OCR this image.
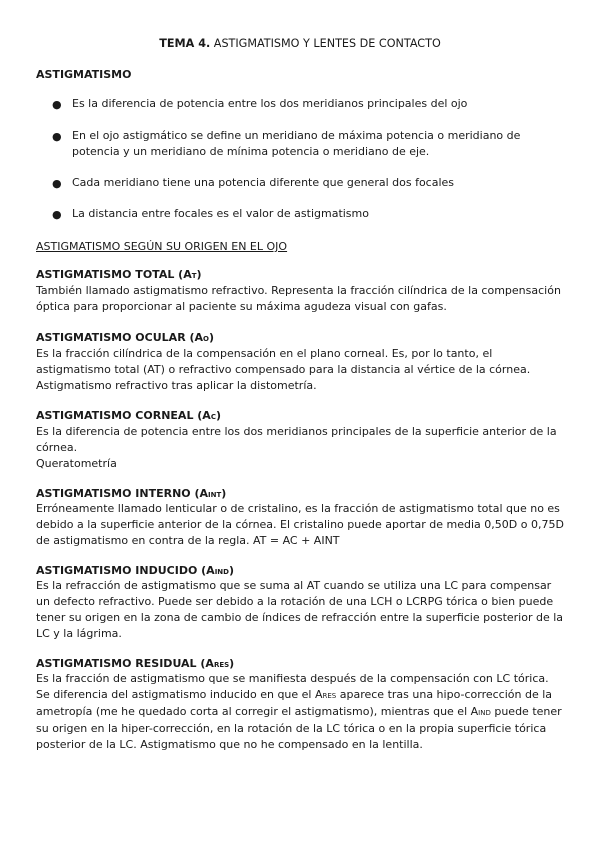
TEMA 4. ASTIGMATISMO Y LENTES DE CONTACTO
ASTIGMATISMO
● Es la diferencia de potencia entre los dos meridianos principales del ojo
● En el ojo astigmático se define un meridiano de máxima potencia o meridiano de potencia y un meridiano de mínima potencia o meridiano de eje.
● Cada meridiano tiene una potencia diferente que general dos focales
● La distancia entre focales es el valor de astigmatismo
ASTIGMATISMO SEGÚN SU ORIGEN EN EL OJO
ASTIGMATISMO TOTAL (AT)
También llamado astigmatismo refractivo. Representa la fracción cilíndrica de la compensación óptica para proporcionar al paciente su máxima agudeza visual con gafas.
ASTIGMATISMO OCULAR (AO)
Es la fracción cilíndrica de la compensación en el plano corneal. Es, por lo tanto, el
astigmatismo total (AT) o refractivo compensado para la distancia al vértice de la córnea.
Astigmatismo refractivo tras aplicar la distometría.
ASTIGMATISMO CORNEAL (AC)
Es la diferencia de potencia entre los dos meridianos principales de la superficie anterior de la
córnea.
Queratometría
ASTIGMATISMO INTERNO (AINT)
Erróneamente llamado lenticular o de cristalino, es la fracción de astigmatismo total que no es
debido a la superficie anterior de la córnea. El cristalino puede aportar de media 0,50D o 0,75D
de astigmatismo en contra de la regla. AT = AC + AINT
ASTIGMATISMO INDUCIDO (AIND)
Es la refracción de astigmatismo que se suma al AT cuando se utiliza una LC para compensar
un defecto refractivo. Puede ser debido a la rotación de una LCH o LCRPG tórica o bien puede
tener su origen en la zona de cambio de índices de refracción entre la superficie posterior de la
LC y la lágrima.
ASTIGMATISMO RESIDUAL (ARES)
Es la fracción de astigmatismo que se manifiesta después de la compensación con LC tórica.
Se diferencia del astigmatismo inducido en que el ARES aparece tras una hipo-corrección de la
ametropía (me he quedado corta al corregir el astigmatismo), mientras que el AIND puede tener
su origen en la hiper-corrección, en la rotación de la LC tórica o en la propia superficie tórica
posterior de la LC. Astigmatismo que no he compensado en la lentilla.
